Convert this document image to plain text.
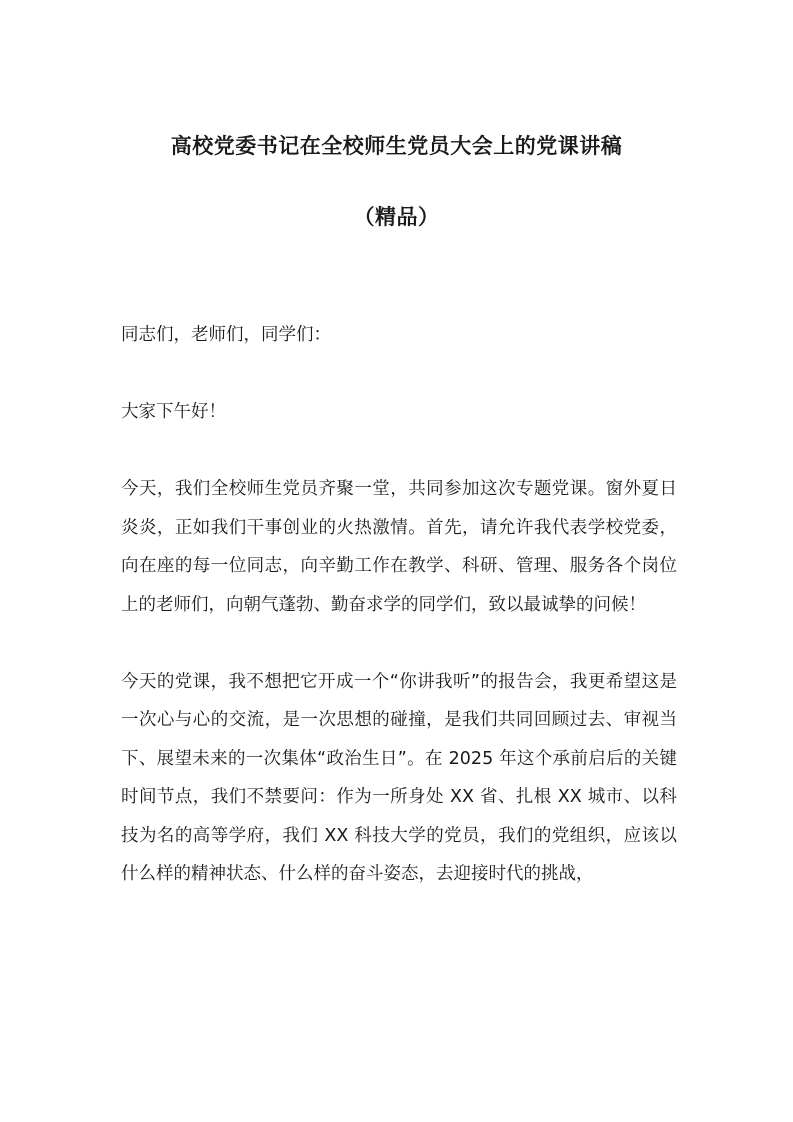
高校党委书记在全校师生党员大会上的党课讲稿
（精品）

同志们，老师们，同学们：

大家下午好！

今天，我们全校师生党员齐聚一堂，共同参加这次专题党课。窗外夏日炎炎，正如我们干事创业的火热激情。首先，请允许我代表学校党委，向在座的每一位同志，向辛勤工作在教学、科研、管理、服务各个岗位上的老师们，向朝气蓬勃、勤奋求学的同学们，致以最诚挚的问候！

今天的党课，我不想把它开成一个“你讲我听”的报告会，我更希望这是一次心与心的交流，是一次思想的碰撞，是我们共同回顾过去、审视当下、展望未来的一次集体“政治生日”。在 2025 年这个承前启后的关键时间节点，我们不禁要问：作为一所身处 XX 省、扎根 XX 城市、以科技为名的高等学府，我们 XX 科技大学的党员，我们的党组织，应该以什么样的精神状态、什么样的奋斗姿态，去迎接时代的挑战，
